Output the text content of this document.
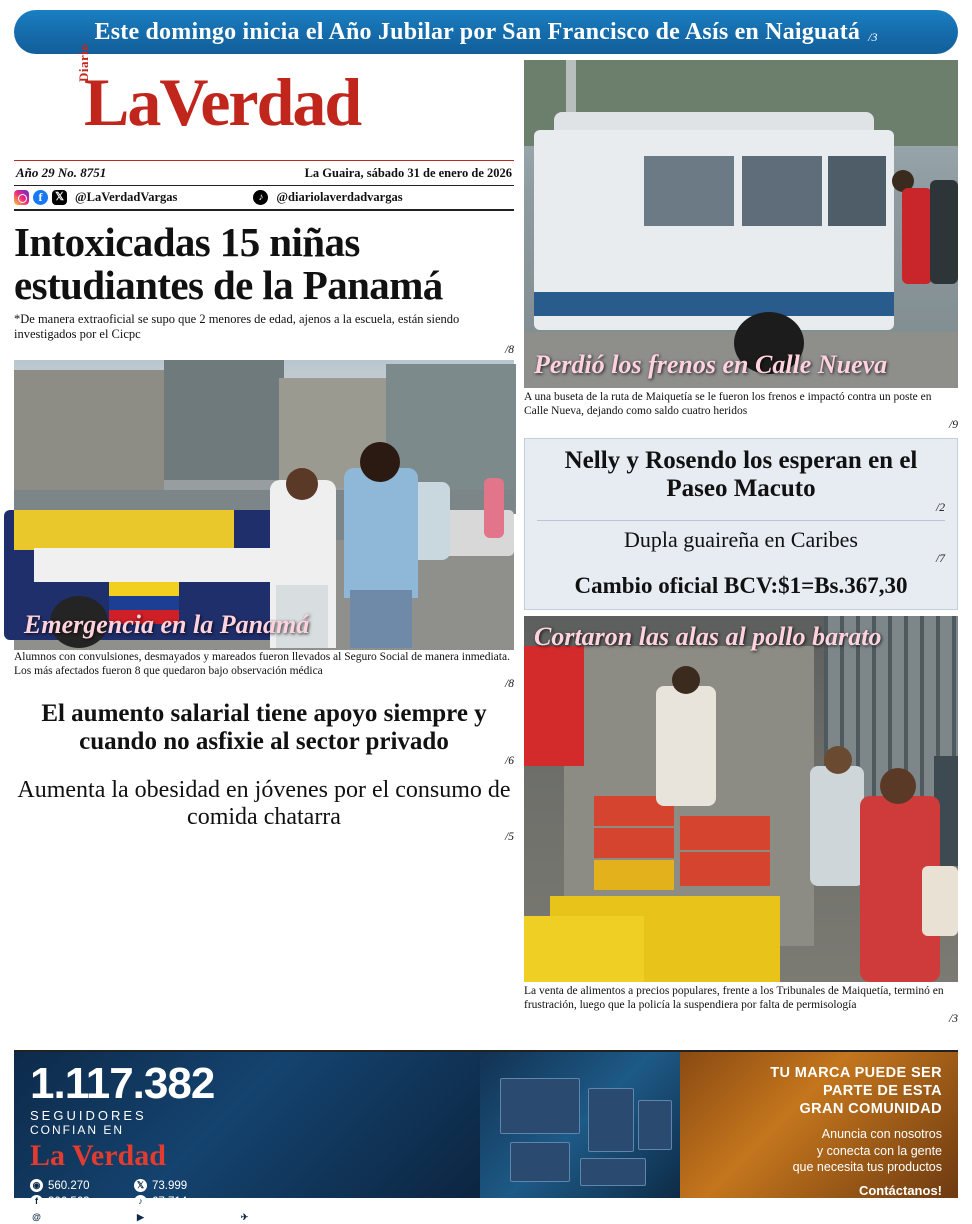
Este domingo inicia el Año Jubilar por San Francisco de Asís en Naiguatá /3
Diario
LaVerdad
Año 29 No. 8751	La Guaira, sábado 31 de enero de 2026
f	𝕏 @LaVerdadVargas	♪	@diariolaverdadvargas
Intoxicadas 15 niñas estudiantes de la Panamá
*De manera extraoficial se supo que 2 menores de edad, ajenos a la escuela, están siendo investigados por el Cicpc
/8
Emergencia en la Panamá
Alumnos con convulsiones, desmayados y mareados fueron llevados al Seguro Social de manera inmediata. Los más afectados fueron 8 que quedaron bajo observación médica
/8
El aumento salarial tiene apoyo siempre y cuando no asfixie al sector privado
/6
Aumenta la obesidad en jóvenes por el consumo de comida chatarra
/5
Perdió los frenos en Calle Nueva
A una buseta de la ruta de Maiquetía se le fueron los frenos e impactó contra un poste en Calle Nueva, dejando como saldo cuatro heridos
/9
Nelly y Rosendo los esperan en el Paseo Macuto
/2
Dupla guaireña en Caribes
/7
Cambio oficial BCV:$1=Bs.367,30
Cortaron las alas al pollo barato
La venta de alimentos a precios populares, frente a los Tribunales de Maiquetía, terminó en frustración, luego que la policía la suspendiera por falta de permisología
/3
1.117.382
SEGUIDORES
CONFIAN EN
La Verdad
◉ 560.270	𝕏 73.999
f 306.563	♪ 67.714
@ 98.200	▶ 7.916	✈ 2.720
TU MARCA PUEDE SER
PARTE DE ESTA
GRAN COMUNIDAD
Anuncia con nosotros
y conecta con la gente
que necesita tus productos
Contáctanos!
0424 271 4512
